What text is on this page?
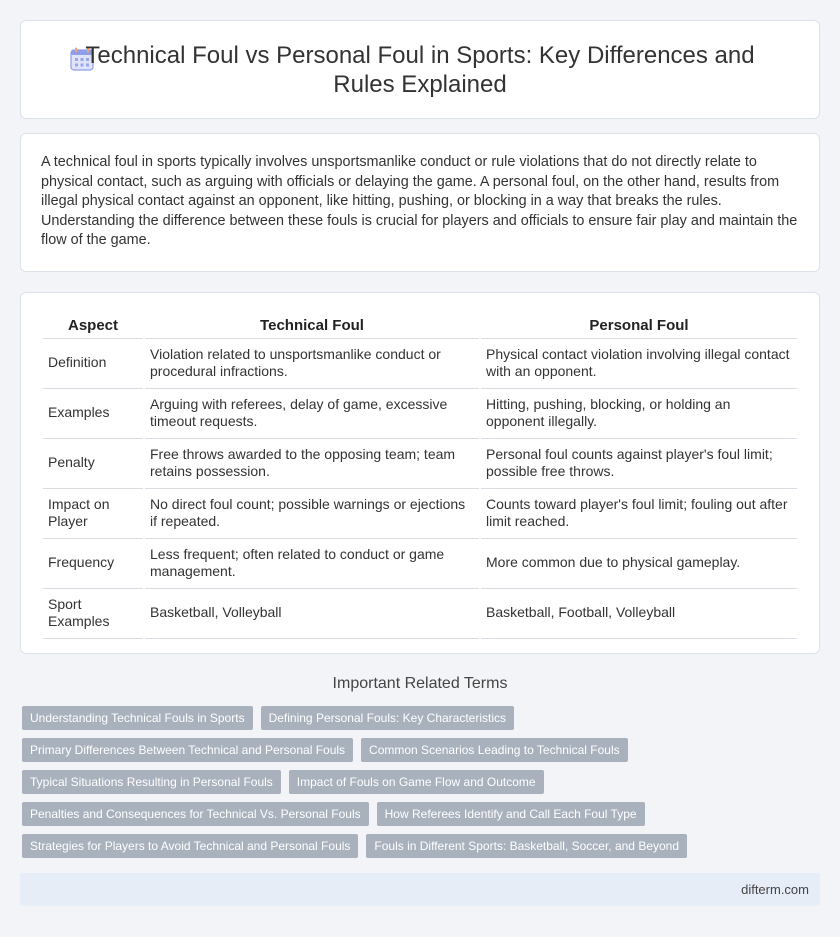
Technical Foul vs Personal Foul in Sports: Key Differences and Rules Explained

A technical foul in sports typically involves unsportsmanlike conduct or rule violations that do not directly relate to physical contact, such as arguing with officials or delaying the game. A personal foul, on the other hand, results from illegal physical contact against an opponent, like hitting, pushing, or blocking in a way that breaks the rules. Understanding the difference between these fouls is crucial for players and officials to ensure fair play and maintain the flow of the game.

Aspect	Technical Foul	Personal Foul
Definition	Violation related to unsportsmanlike conduct or procedural infractions.	Physical contact violation involving illegal contact with an opponent.
Examples	Arguing with referees, delay of game, excessive timeout requests.	Hitting, pushing, blocking, or holding an opponent illegally.
Penalty	Free throws awarded to the opposing team; team retains possession.	Personal foul counts against player's foul limit; possible free throws.
Impact on Player	No direct foul count; possible warnings or ejections if repeated.	Counts toward player's foul limit; fouling out after limit reached.
Frequency	Less frequent; often related to conduct or game management.	More common due to physical gameplay.
Sport Examples	Basketball, Volleyball	Basketball, Football, Volleyball
Important Related Terms
Understanding Technical Fouls in Sports	Defining Personal Fouls: Key Characteristics
Primary Differences Between Technical and Personal Fouls	Common Scenarios Leading to Technical Fouls
Typical Situations Resulting in Personal Fouls	Impact of Fouls on Game Flow and Outcome
Penalties and Consequences for Technical Vs. Personal Fouls	How Referees Identify and Call Each Foul Type
Strategies for Players to Avoid Technical and Personal Fouls	Fouls in Different Sports: Basketball, Soccer, and Beyond
difterm.com
